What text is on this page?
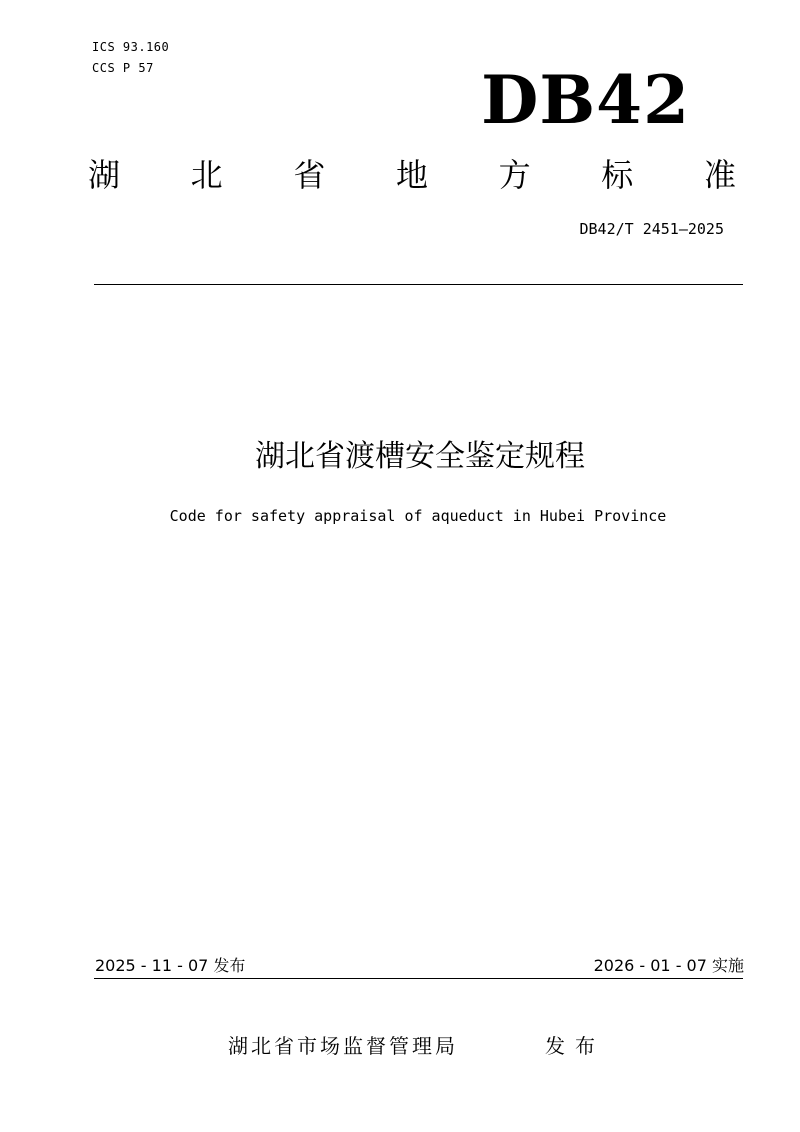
ICS 93.160
CCS P 57	DB42
湖 北 省 地 方 标 准
DB42/T 2451—2025
湖北省渡槽安全鉴定规程
Code for safety appraisal of aqueduct in Hubei Province
2025 - 11 - 07 发布	2026 - 01 - 07 实施
湖北省市场监督管理局	发布
